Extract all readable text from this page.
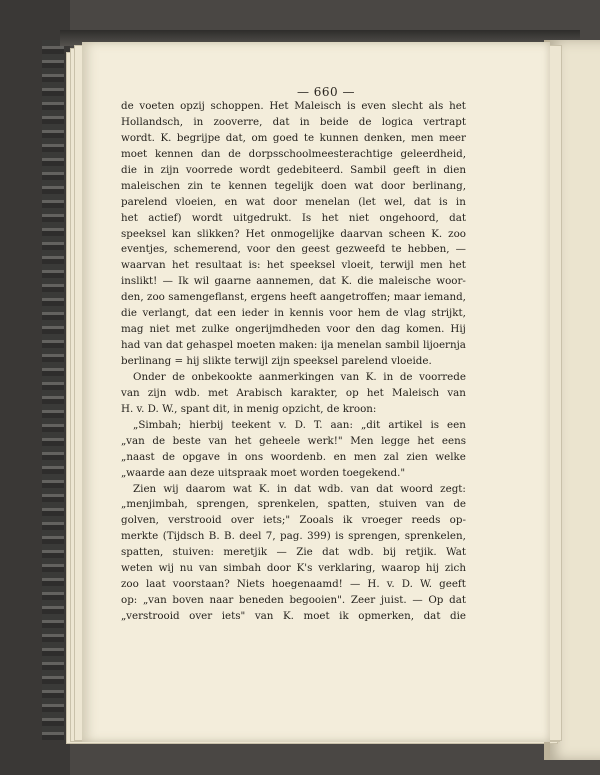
— 660 —
de voeten opzij schoppen. Het Maleisch is even slecht als het
Hollandsch, in zooverre, dat in beide de logica vertrapt
wordt. K. begrijpe dat, om goed te kunnen denken, men meer
moet kennen dan de dorpsschoolmeesterachtige geleerdheid,
die in zijn voorrede wordt gedebiteerd. Sambil geeft in dien
maleischen zin te kennen tegelijk doen wat door berlinang,
parelend vloeien, en wat door menelan (let wel, dat is in
het actief) wordt uitgedrukt. Is het niet ongehoord, dat
speeksel kan slikken? Het onmogelijke daarvan scheen K. zoo
eventjes, schemerend, voor den geest gezweefd te hebben, —
waarvan het resultaat is: het speeksel vloeit, terwijl men het
inslikt! — Ik wil gaarne aannemen, dat K. die maleische woor-
den, zoo samengeflanst, ergens heeft aangetroffen; maar iemand,
die verlangt, dat een ieder in kennis voor hem de vlag strijkt,
mag niet met zulke ongerijmdheden voor den dag komen. Hij
had van dat gehaspel moeten maken: ija menelan sambil lijoernja
berlinang = hij slikte terwijl zijn speeksel parelend vloeide.
Onder de onbekookte aanmerkingen van K. in de voorrede
van zijn wdb. met Arabisch karakter, op het Maleisch van
H. v. D. W., spant dit, in menig opzicht, de kroon:
„Simbah; hierbij teekent v. D. T. aan: „dit artikel is een
„van de beste van het geheele werk!" Men legge het eens
„naast de opgave in ons woordenb. en men zal zien welke
„waarde aan deze uitspraak moet worden toegekend."
Zien wij daarom wat K. in dat wdb. van dat woord zegt:
„menjimbah, sprengen, sprenkelen, spatten, stuiven van de
golven, verstrooid over iets;" Zooals ik vroeger reeds op-
merkte (Tijdsch B. B. deel 7, pag. 399) is sprengen, sprenkelen,
spatten, stuiven: meretjik — Zie dat wdb. bij retjik. Wat
weten wij nu van simbah door K's verklaring, waarop hij zich
zoo laat voorstaan? Niets hoegenaamd! — H. v. D. W. geeft
op: „van boven naar beneden begooien". Zeer juist. — Op dat
„verstrooid over iets" van K. moet ik opmerken, dat die
